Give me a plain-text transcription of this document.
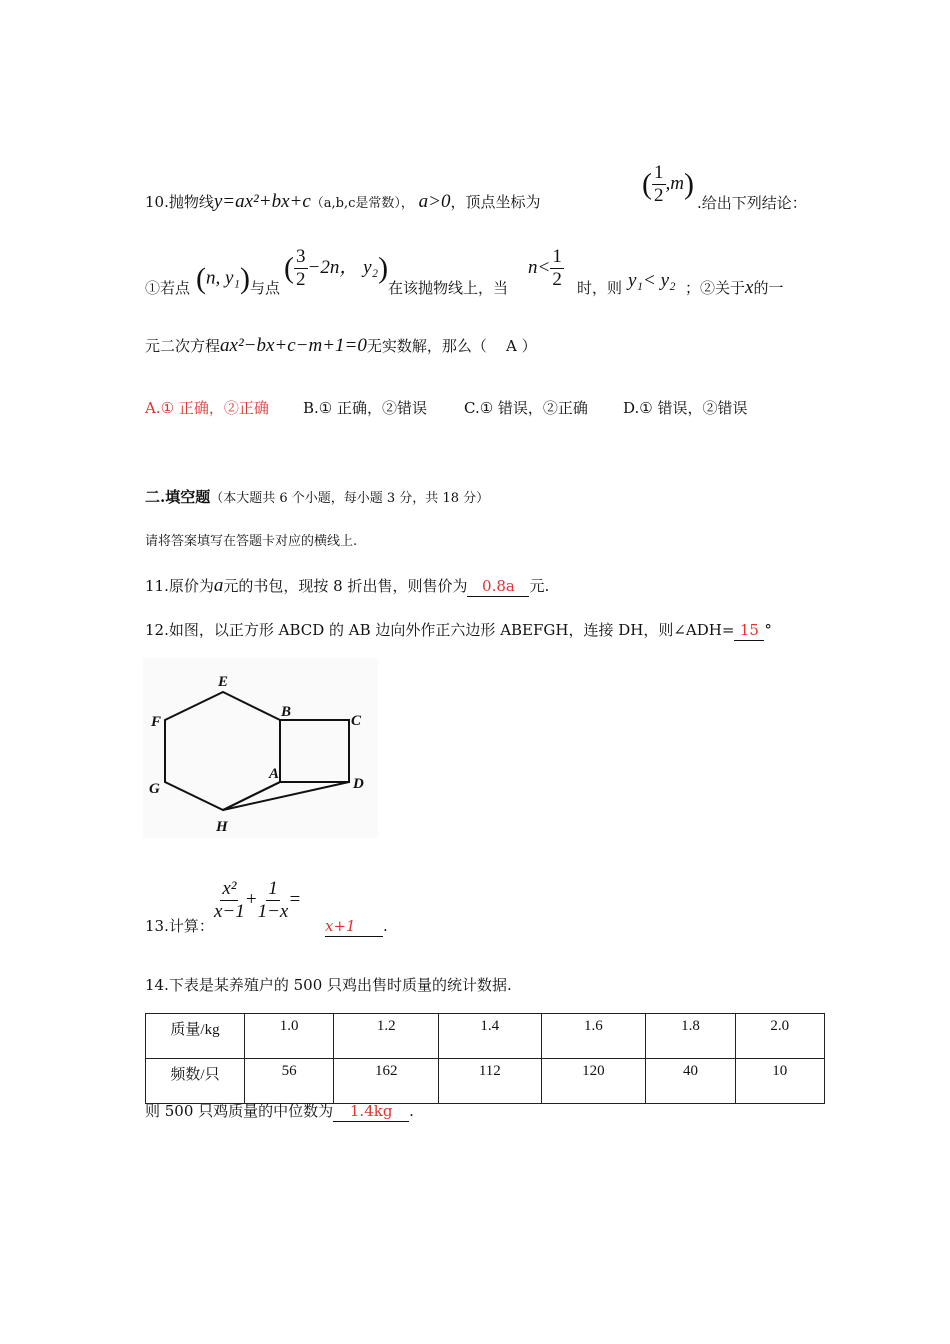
10.抛物线y=ax²+bx+c（a,b,c是常数）， a>0，顶点坐标为
( $\frac{1}{2} ,m$)
.给出下列结论：
①若点 (n, y₁) 与点
( $\frac{3}{2} -2n$， y₂)
在该抛物线上，当
$n< \frac{1}{2}$ 时，则 y₁< y₂ ；②关于x的一
元二次方程ax²−bx+c−m+1=0无实数解，那么（ A ）
A.① 正确，②正确 B.① 正确，②错误 C.① 错误，②正确 D.① 错误，②错误
二.填空题（本大题共 6 个小题，每小题 3 分，共 18 分）
请将答案填写在答题卡对应的横线上.
11.原价为a元的书包，现按 8 折出售，则售价为 0.8a 元.
12.如图，以正方形 ABCD 的 AB 边向外作正六边形 ABEFGH，连接 DH，则∠ADH= 15 °
E
F
G
H
A
B
C
D
13.计算：
$\frac{\text{x²}}{x-1} + \frac{1}{1-x}$ =
x+1 .
14.下表是某养殖户的 500 只鸡出售时质量的统计数据.
质量/kg	1.0	1.2	1.4	1.6	1.8	2.0
频数/只	56	162	112	120	40	10
则 500 只鸡质量的中位数为 1.4kg .
